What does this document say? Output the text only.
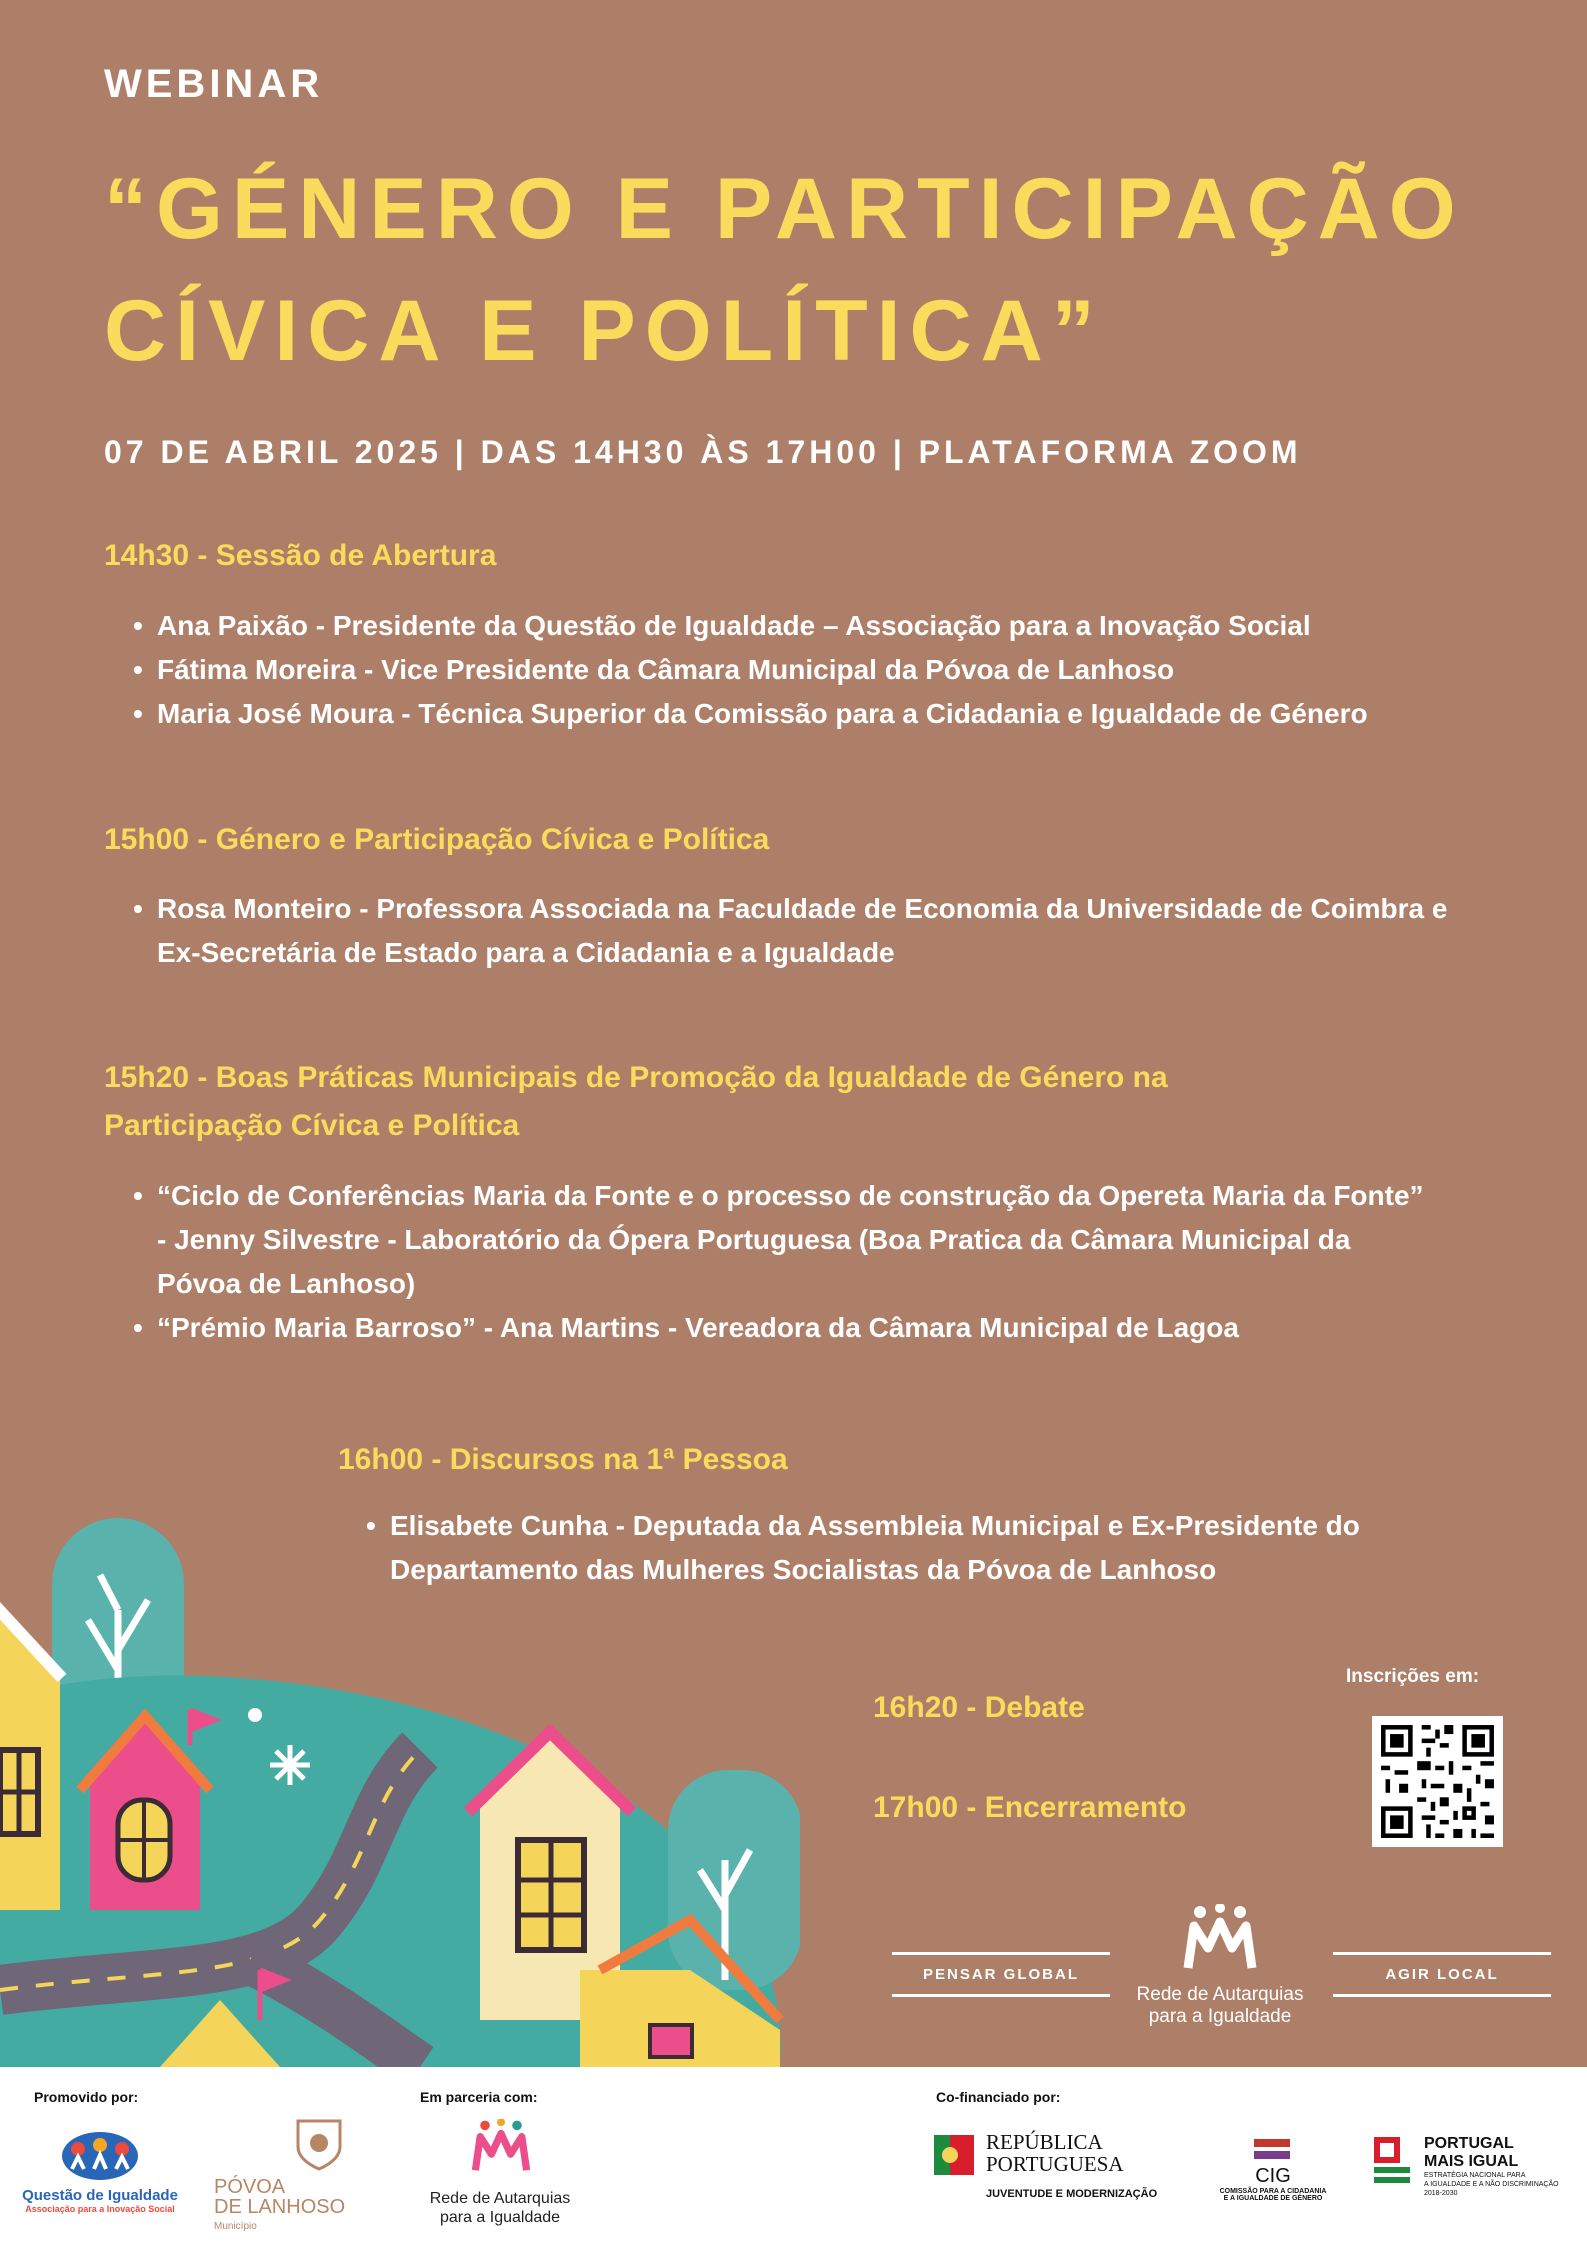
WEBINAR
“GÉNERO E PARTICIPAÇÃO
CÍVICA E POLÍTICA”
07 DE ABRIL 2025 | DAS 14H30 ÀS 17H00 | PLATAFORMA ZOOM
14h30 - Sessão de Abertura
• Ana Paixão - Presidente da Questão de Igualdade – Associação para a Inovação Social
• Fátima Moreira - Vice Presidente da Câmara Municipal da Póvoa de Lanhoso
• Maria José Moura - Técnica Superior da Comissão para a Cidadania e Igualdade de Género
15h00 - Género e Participação Cívica e Política
• Rosa Monteiro - Professora Associada na Faculdade de Economia da Universidade de Coimbra e Ex-Secretária de Estado para a Cidadania e a Igualdade
15h20 - Boas Práticas Municipais de Promoção da Igualdade de Género na Participação Cívica e Política
• “Ciclo de Conferências Maria da Fonte e o processo de construção da Opereta Maria da Fonte” - Jenny Silvestre - Laboratório da Ópera Portuguesa (Boa Pratica da Câmara Municipal da Póvoa de Lanhoso)
• “Prémio Maria Barroso” - Ana Martins - Vereadora da Câmara Municipal de Lagoa
16h00 - Discursos na 1ª Pessoa
• Elisabete Cunha - Deputada da Assembleia Municipal e Ex-Presidente do Departamento das Mulheres Socialistas da Póvoa de Lanhoso
16h20 - Debate
17h00 - Encerramento
Inscrições em:
PENSAR GLOBAL	AGIR LOCAL
Rede de Autarquias
para a Igualdade
Promovido por:	Em parceria com:	Co-financiado por:
Questão de Igualdade
Associação para a Inovação Social
PÓVOA
DE LANHOSO
Município
Rede de Autarquias
para a Igualdade
REPÚBLICA
PORTUGUESA
JUVENTUDE E MODERNIZAÇÃO
CIG
COMISSÃO PARA A CIDADANIA
E A IGUALDADE DE GÉNERO
PORTUGAL
MAIS IGUAL
ESTRATÉGIA NACIONAL PARA
A IGUALDADE E A NÃO DISCRIMINAÇÃO
2018-2030
